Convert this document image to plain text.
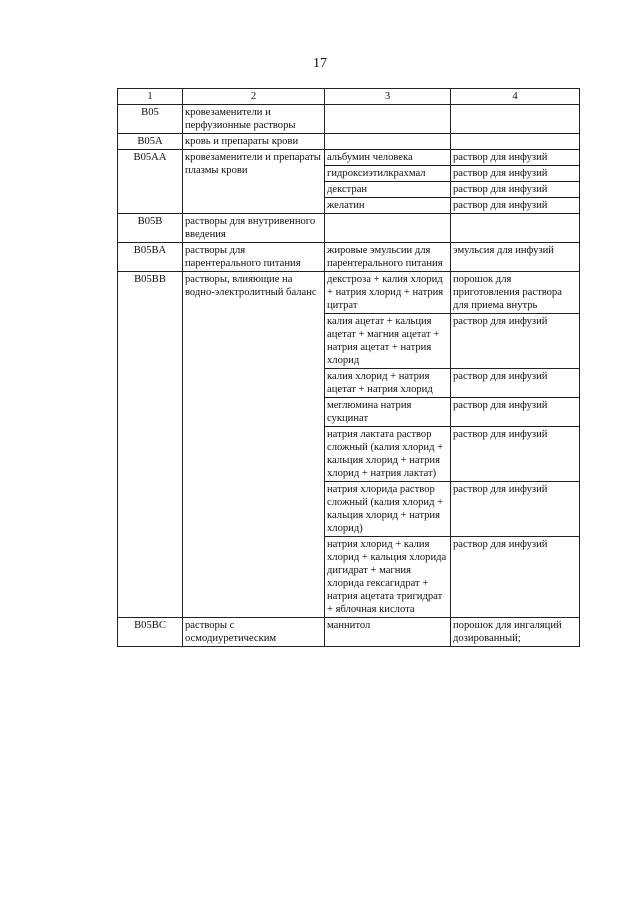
17
1	2	3	4
B05	кровезаменители и перфузионные растворы		
B05A	кровь и препараты крови		
B05AA	кровезаменители и препараты плазмы крови	альбумин человека	раствор для инфузий
		гидроксиэтилкрахмал	раствор для инфузий
		декстран	раствор для инфузий
		желатин	раствор для инфузий
B05B	растворы для внутривенного введения		
B05BA	растворы для парентерального питания	жировые эмульсии для парентерального питания	эмульсия для инфузий
B05BB	растворы, влияющие на водно-электролитный баланс	декстроза + калия хлорид + натрия хлорид + натрия цитрат	порошок для приготовления раствора для приема внутрь
		калия ацетат + кальция ацетат + магния ацетат + натрия ацетат + натрия хлорид	раствор для инфузий
		калия хлорид + натрия ацетат + натрия хлорид	раствор для инфузий
		меглюмина натрия сукцинат	раствор для инфузий
		натрия лактата раствор сложный (калия хлорид + кальция хлорид + натрия хлорид + натрия лактат)	раствор для инфузий
		натрия хлорида раствор сложный (калия хлорид + кальция хлорид + натрия хлорид)	раствор для инфузий
		натрия хлорид + калия хлорид + кальция хлорида дигидрат + магния хлорида гексагидрат + натрия ацетата тригидрат + яблочная кислота	раствор для инфузий
B05BC	растворы с осмодиуретическим	маннитол	порошок для ингаляций дозированный;
